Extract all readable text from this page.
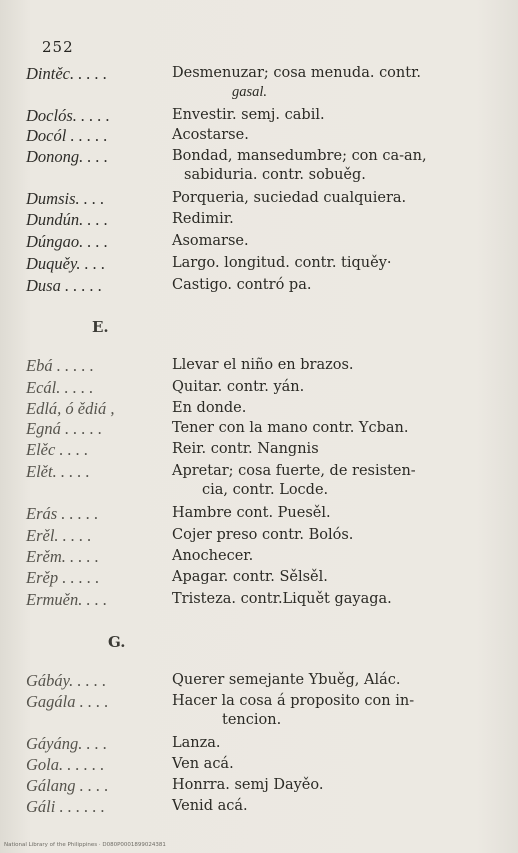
252
Dintěc. . . . .	Desmenuzar; cosa menuda. contr.
gasal.
Doclós. . . . .	Envestir. semj. cabil.
Docól . . . . .	Acostarse.
Donong. . . .	Bondad, mansedumbre; con ca-an,
sabiduria. contr. sobuěg.
Dumsis. . . .	Porqueria, suciedad cualquiera.
Dundún. . . .	Redimir.
Dúngao. . . .	Asomarse.
Duquěy. . . .	Largo. longitud. contr. tiquěy·
Dusa . . . . .	Castigo. contró pa.
E.
Ebá . . . . .	Llevar el niño en brazos.
Ecál. . . . .	Quitar. contr. yán.
Edlá, ó ědiá ,	En donde.
Egná . . . . .	Tener con la mano contr. Ycban.
Elěc . . . .	Reir. contr. Nangnis
Elět. . . . .	Apretar; cosa fuerte, de resisten-
cia, contr. Locde.
Erás . . . . .	Hambre cont. Puesěl.
Erěl. . . . .	Cojer preso contr. Bolós.
Erěm. . . . .	Anochecer.
Erěp . . . . .	Apagar. contr. Sělsěl.
Ermuěn. . . .	Tristeza. contr.Liquět gayaga.
G.
Gábáy. . . . .	Querer semejante Ybuěg, Alác.
Gagála . . . .	Hacer la cosa á proposito con in-
tencion.
Gáyáng. . . .	Lanza.
Gola. . . . . .	Ven acá.
Gálang . . . .	Honrra. semj Dayěo.
Gáli . . . . . .	Venid acá.
National Library of the Philippines · D080P0001899024381
